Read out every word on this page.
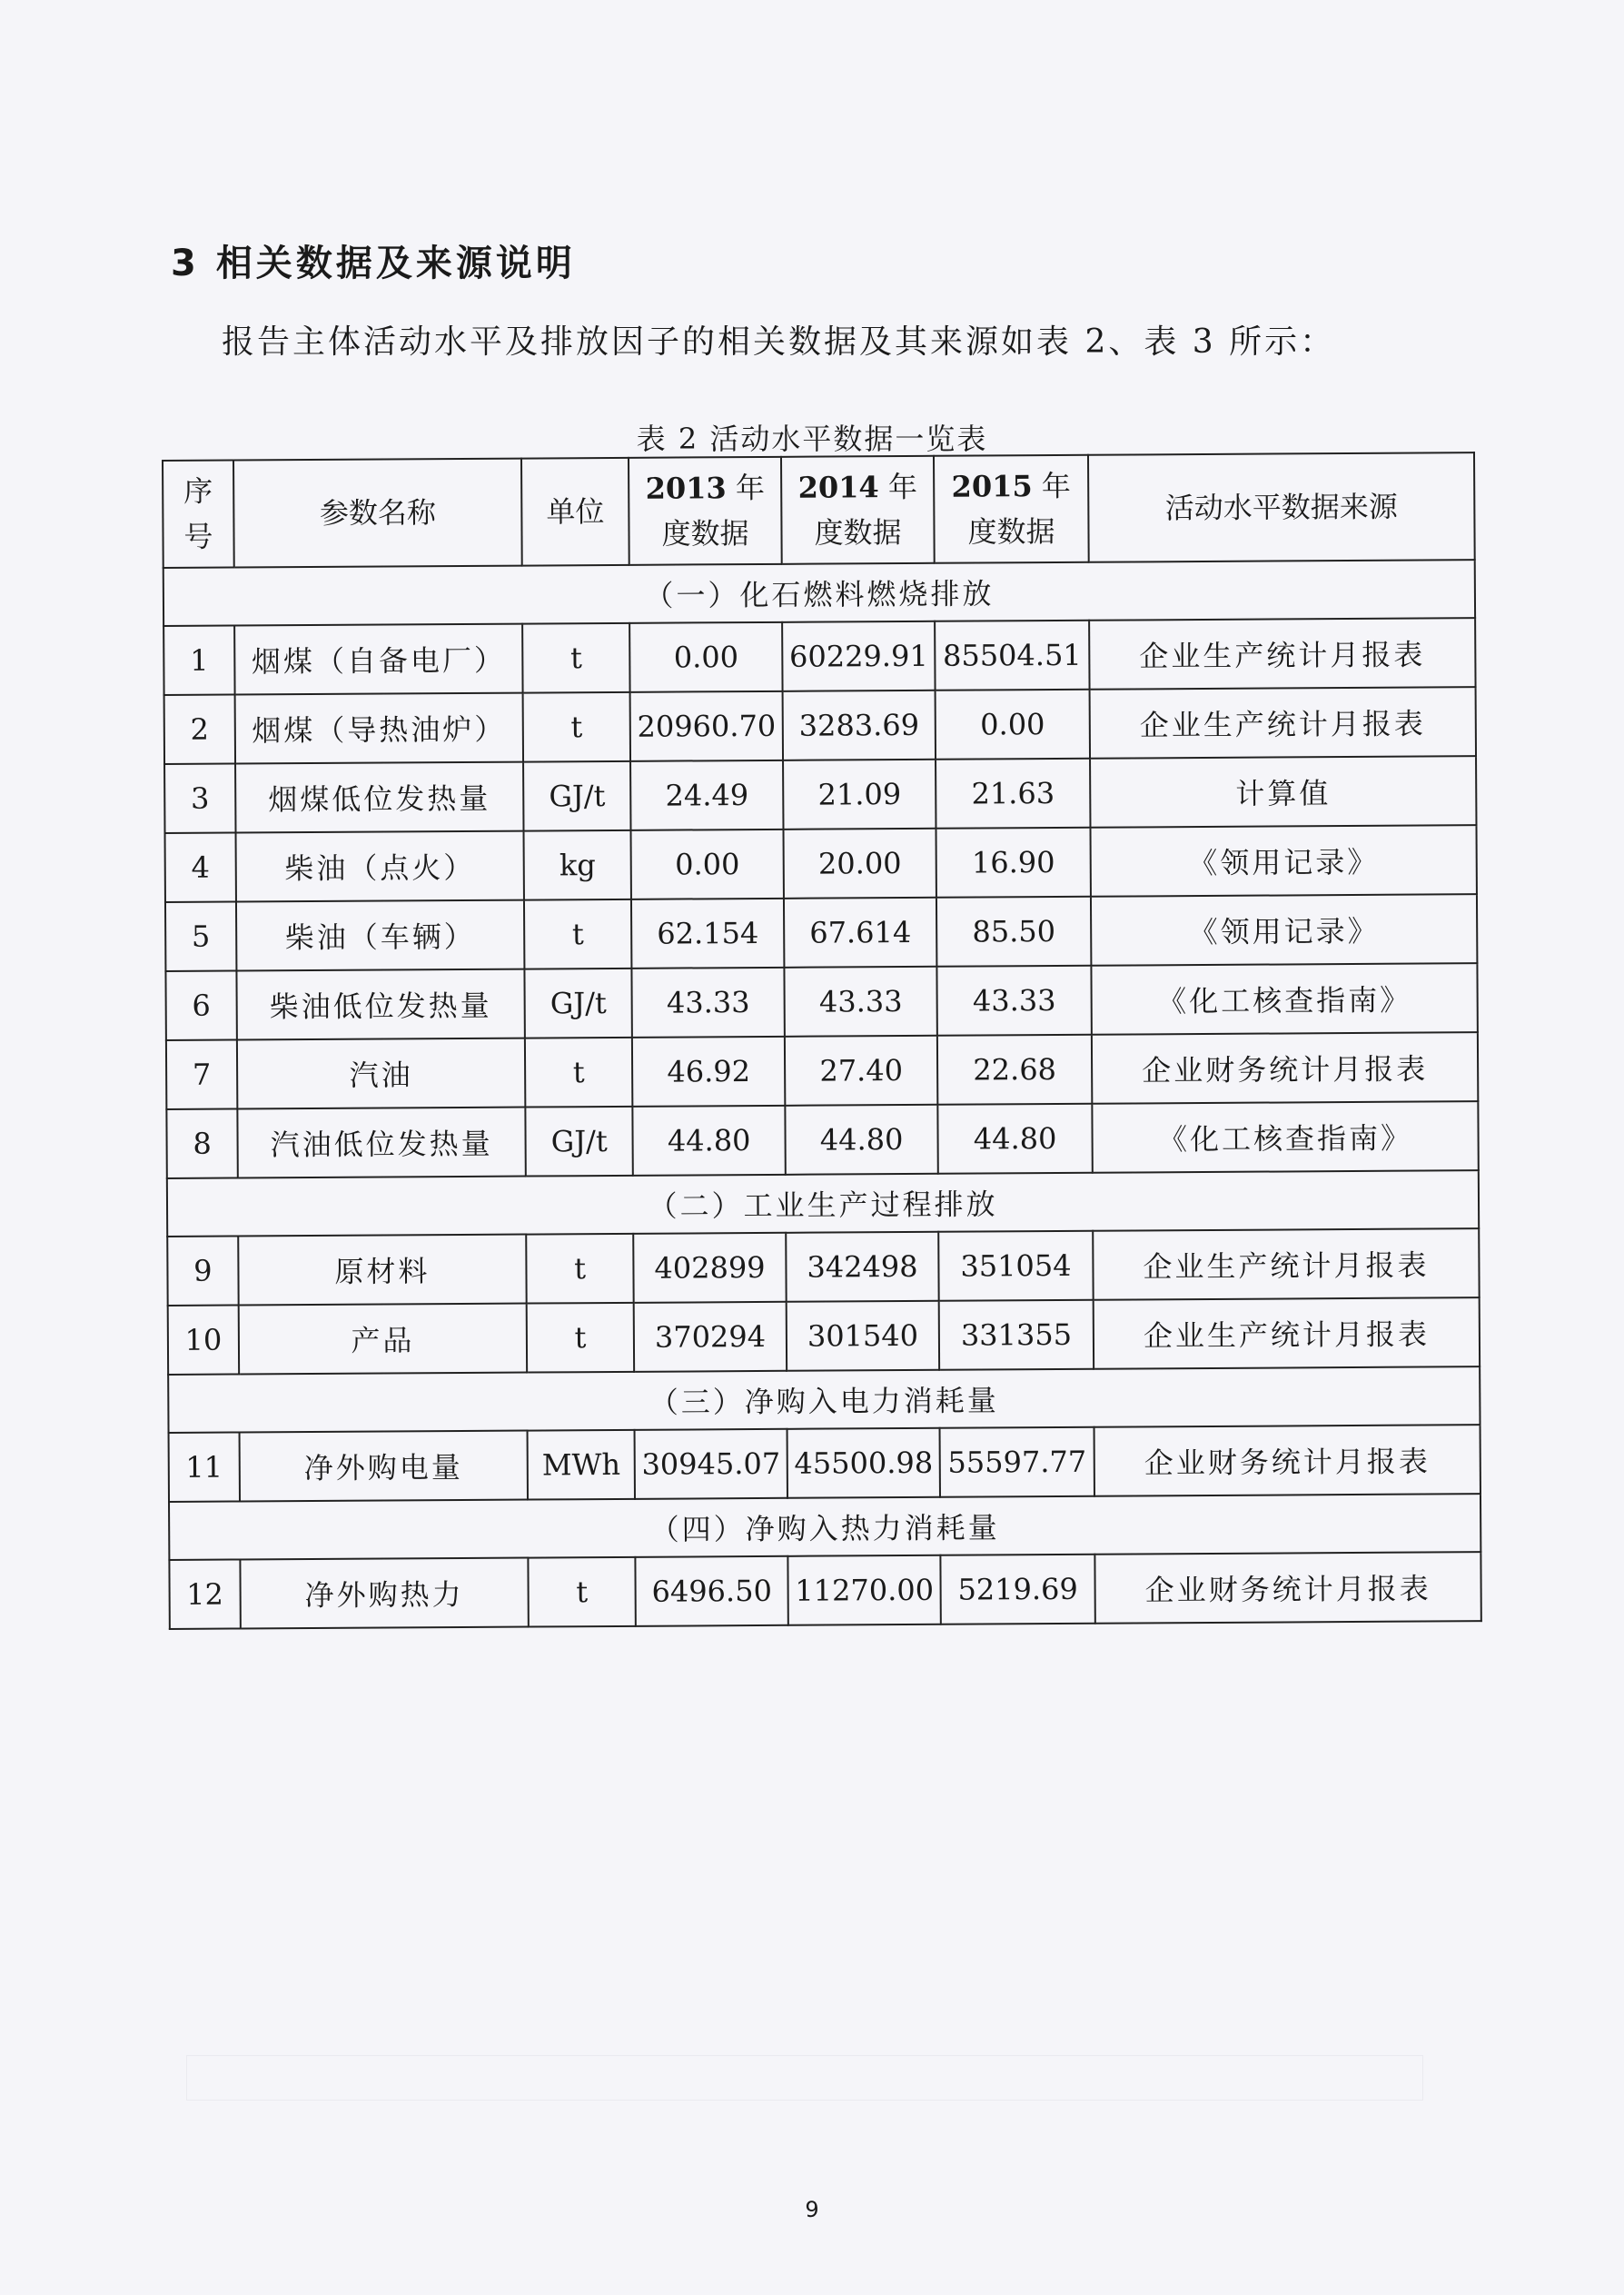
3 相关数据及来源说明
报告主体活动水平及排放因子的相关数据及其来源如表 2、表 3 所示：
表 2 活动水平数据一览表
序号	参数名称	单位	2013 年度数据	2014 年度数据	2015 年度数据	活动水平数据来源
（一）化石燃料燃烧排放						
1	烟煤（自备电厂）	t	0.00	60229.91	85504.51	企业生产统计月报表
2	烟煤（导热油炉）	t	20960.70	3283.69	0.00	企业生产统计月报表
3	烟煤低位发热量	GJ/t	24.49	21.09	21.63	计算值
4	柴油（点火）	kg	0.00	20.00	16.90	《领用记录》
5	柴油（车辆）	t	62.154	67.614	85.50	《领用记录》
6	柴油低位发热量	GJ/t	43.33	43.33	43.33	《化工核查指南》
7	汽油	t	46.92	27.40	22.68	企业财务统计月报表
8	汽油低位发热量	GJ/t	44.80	44.80	44.80	《化工核查指南》
（二）工业生产过程排放						
9	原材料	t	402899	342498	351054	企业生产统计月报表
10	产品	t	370294	301540	331355	企业生产统计月报表
（三）净购入电力消耗量						
11	净外购电量	MWh	30945.07	45500.98	55597.77	企业财务统计月报表
（四）净购入热力消耗量						
12	净外购热力	t	6496.50	11270.00	5219.69	企业财务统计月报表
9
